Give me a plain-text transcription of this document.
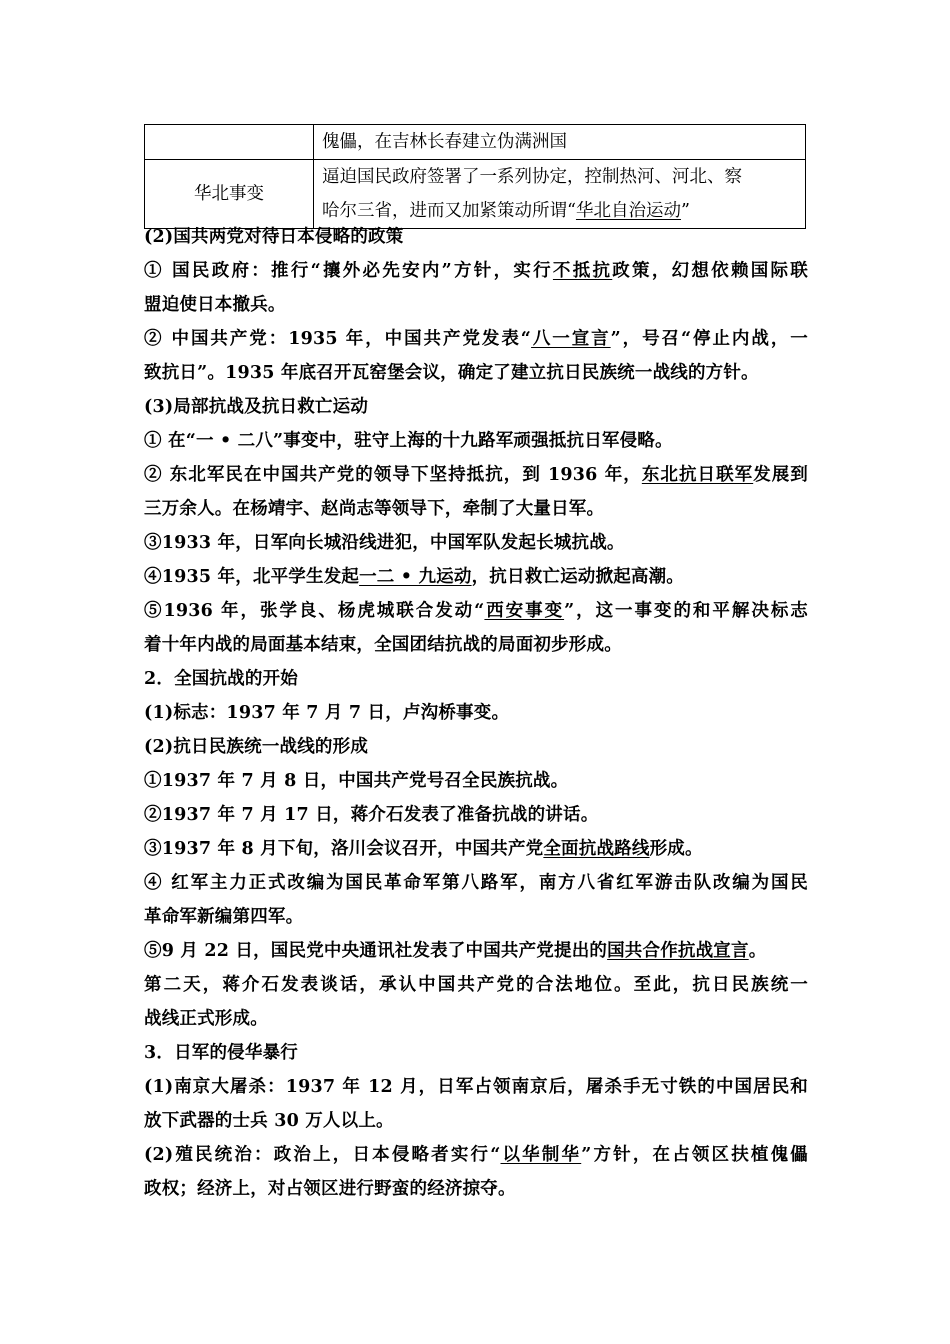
	傀儡，在吉林长春建立伪满洲国
华北事变	逼迫国民政府签署了一系列协定，控制热河、河北、察
哈尔三省，进而又加紧策动所谓“华北自治运动”
(2)国共两党对待日本侵略的政策
① 国民政府：推行“攘外必先安内”方针，实行不抵抗政策，幻想依赖国际联
盟迫使日本撤兵。
② 中国共产党：1935 年，中国共产党发表“八一宣言”，号召“停止内战，一
致抗日”。1935 年底召开瓦窑堡会议，确定了建立抗日民族统一战线的方针。
(3)局部抗战及抗日救亡运动
① 在“一 • 二八”事变中，驻守上海的十九路军顽强抵抗日军侵略。
② 东北军民在中国共产党的领导下坚持抵抗，到 1936 年，东北抗日联军发展到
三万余人。在杨靖宇、赵尚志等领导下，牵制了大量日军。
③1933 年，日军向长城沿线进犯，中国军队发起长城抗战。
④1935 年，北平学生发起一二 • 九运动，抗日救亡运动掀起高潮。
⑤1936 年，张学良、杨虎城联合发动“西安事变”，这一事变的和平解决标志
着十年内战的局面基本结束，全国团结抗战的局面初步形成。
2．全国抗战的开始
(1)标志：1937 年 7 月 7 日，卢沟桥事变。
(2)抗日民族统一战线的形成
①1937 年 7 月 8 日，中国共产党号召全民族抗战。
②1937 年 7 月 17 日，蒋介石发表了准备抗战的讲话。
③1937 年 8 月下旬，洛川会议召开，中国共产党全面抗战路线形成。
④ 红军主力正式改编为国民革命军第八路军，南方八省红军游击队改编为国民
革命军新编第四军。
⑤9 月 22 日，国民党中央通讯社发表了中国共产党提出的国共合作抗战宣言。
第二天，蒋介石发表谈话，承认中国共产党的合法地位。至此，抗日民族统一
战线正式形成。
3．日军的侵华暴行
(1)南京大屠杀：1937 年 12 月，日军占领南京后，屠杀手无寸铁的中国居民和
放下武器的士兵 30 万人以上。
(2)殖民统治：政治上，日本侵略者实行“以华制华”方针，在占领区扶植傀儡
政权；经济上，对占领区进行野蛮的经济掠夺。
